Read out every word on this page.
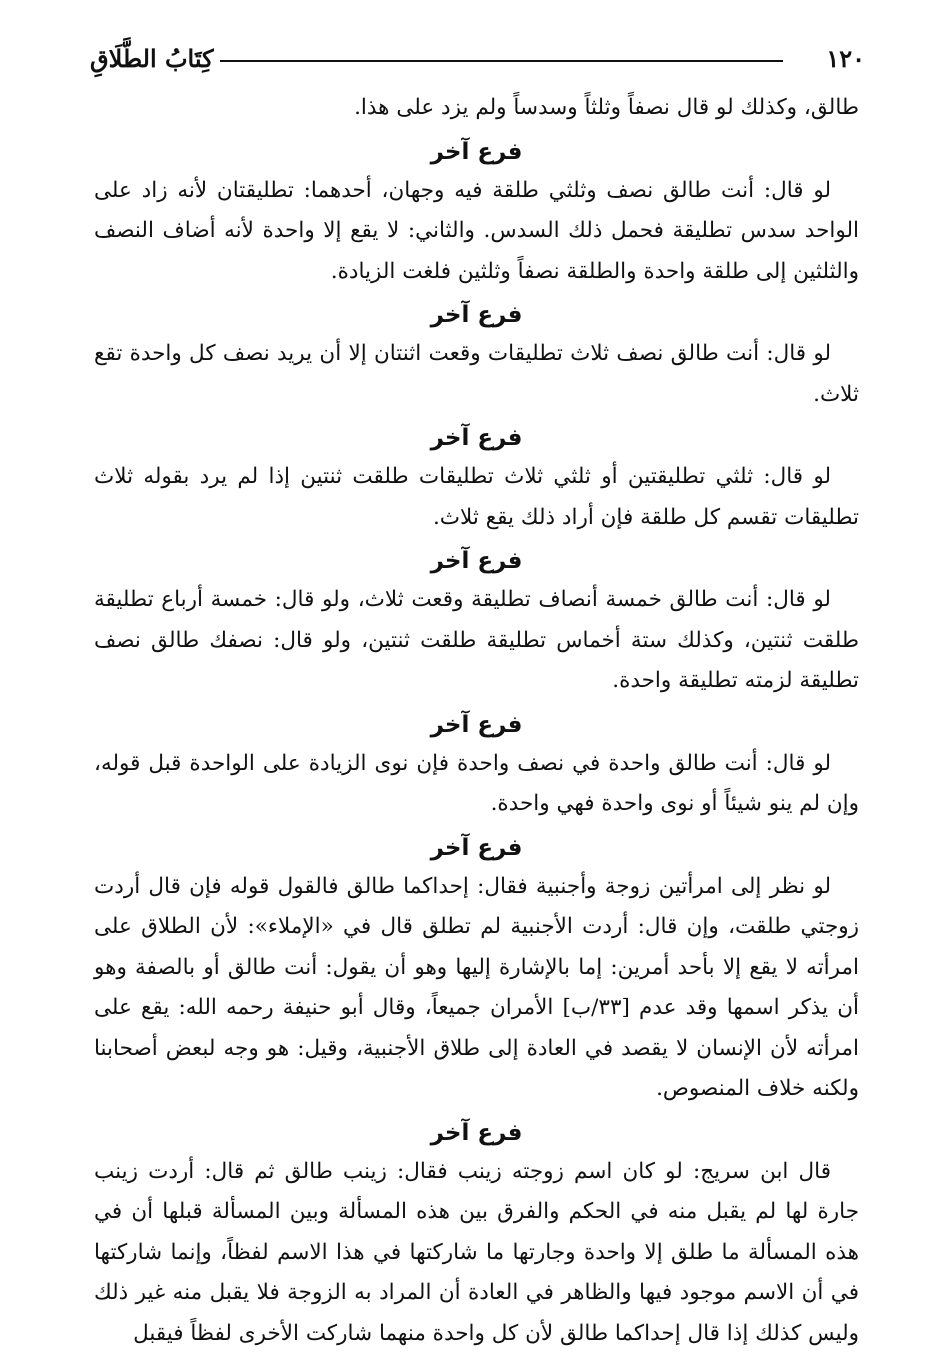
كِتَابُ الطَّلَاقِ	١٢٠

طالق، وكذلك لو قال نصفاً وثلثاً وسدساً ولم يزد على هذا.

فرع آخر

لو قال: أنت طالق نصف وثلثي طلقة فيه وجهان، أحدهما: تطليقتان لأنه زاد على الواحد سدس تطليقة فحمل ذلك السدس. والثاني: لا يقع إلا واحدة لأنه أضاف النصف والثلثين إلى طلقة واحدة والطلقة نصفاً وثلثين فلغت الزيادة.

فرع آخر

لو قال: أنت طالق نصف ثلاث تطليقات وقعت اثنتان إلا أن يريد نصف كل واحدة تقع ثلاث.

فرع آخر

لو قال: ثلثي تطليقتين أو ثلثي ثلاث تطليقات طلقت ثنتين إذا لم يرد بقوله ثلاث تطليقات تقسم كل طلقة فإن أراد ذلك يقع ثلاث.

فرع آخر

لو قال: أنت طالق خمسة أنصاف تطليقة وقعت ثلاث، ولو قال: خمسة أرباع تطليقة طلقت ثنتين، وكذلك ستة أخماس تطليقة طلقت ثنتين، ولو قال: نصفك طالق نصف تطليقة لزمته تطليقة واحدة.

فرع آخر

لو قال: أنت طالق واحدة في نصف واحدة فإن نوى الزيادة على الواحدة قبل قوله، وإن لم ينو شيئاً أو نوى واحدة فهي واحدة.

فرع آخر

لو نظر إلى امرأتين زوجة وأجنبية فقال: إحداكما طالق فالقول قوله فإن قال أردت زوجتي طلقت، وإن قال: أردت الأجنبية لم تطلق قال في «الإملاء»: لأن الطلاق على امرأته لا يقع إلا بأحد أمرين: إما بالإشارة إليها وهو أن يقول: أنت طالق أو بالصفة وهو أن يذكر اسمها وقد عدم [٣٣/ب] الأمران جميعاً، وقال أبو حنيفة رحمه الله: يقع على امرأته لأن الإنسان لا يقصد في العادة إلى طلاق الأجنبية، وقيل: هو وجه لبعض أصحابنا ولكنه خلاف المنصوص.

فرع آخر

قال ابن سريج: لو كان اسم زوجته زينب فقال: زينب طالق ثم قال: أردت زينب جارة لها لم يقبل منه في الحكم والفرق بين هذه المسألة وبين المسألة قبلها أن في هذه المسألة ما طلق إلا واحدة وجارتها ما شاركتها في هذا الاسم لفظاً، وإنما شاركتها في أن الاسم موجود فيها والظاهر في العادة أن المراد به الزوجة فلا يقبل منه غير ذلك وليس كذلك إذا قال إحداكما طالق لأن كل واحدة منهما شاركت الأخرى لفظاً فيقبل
